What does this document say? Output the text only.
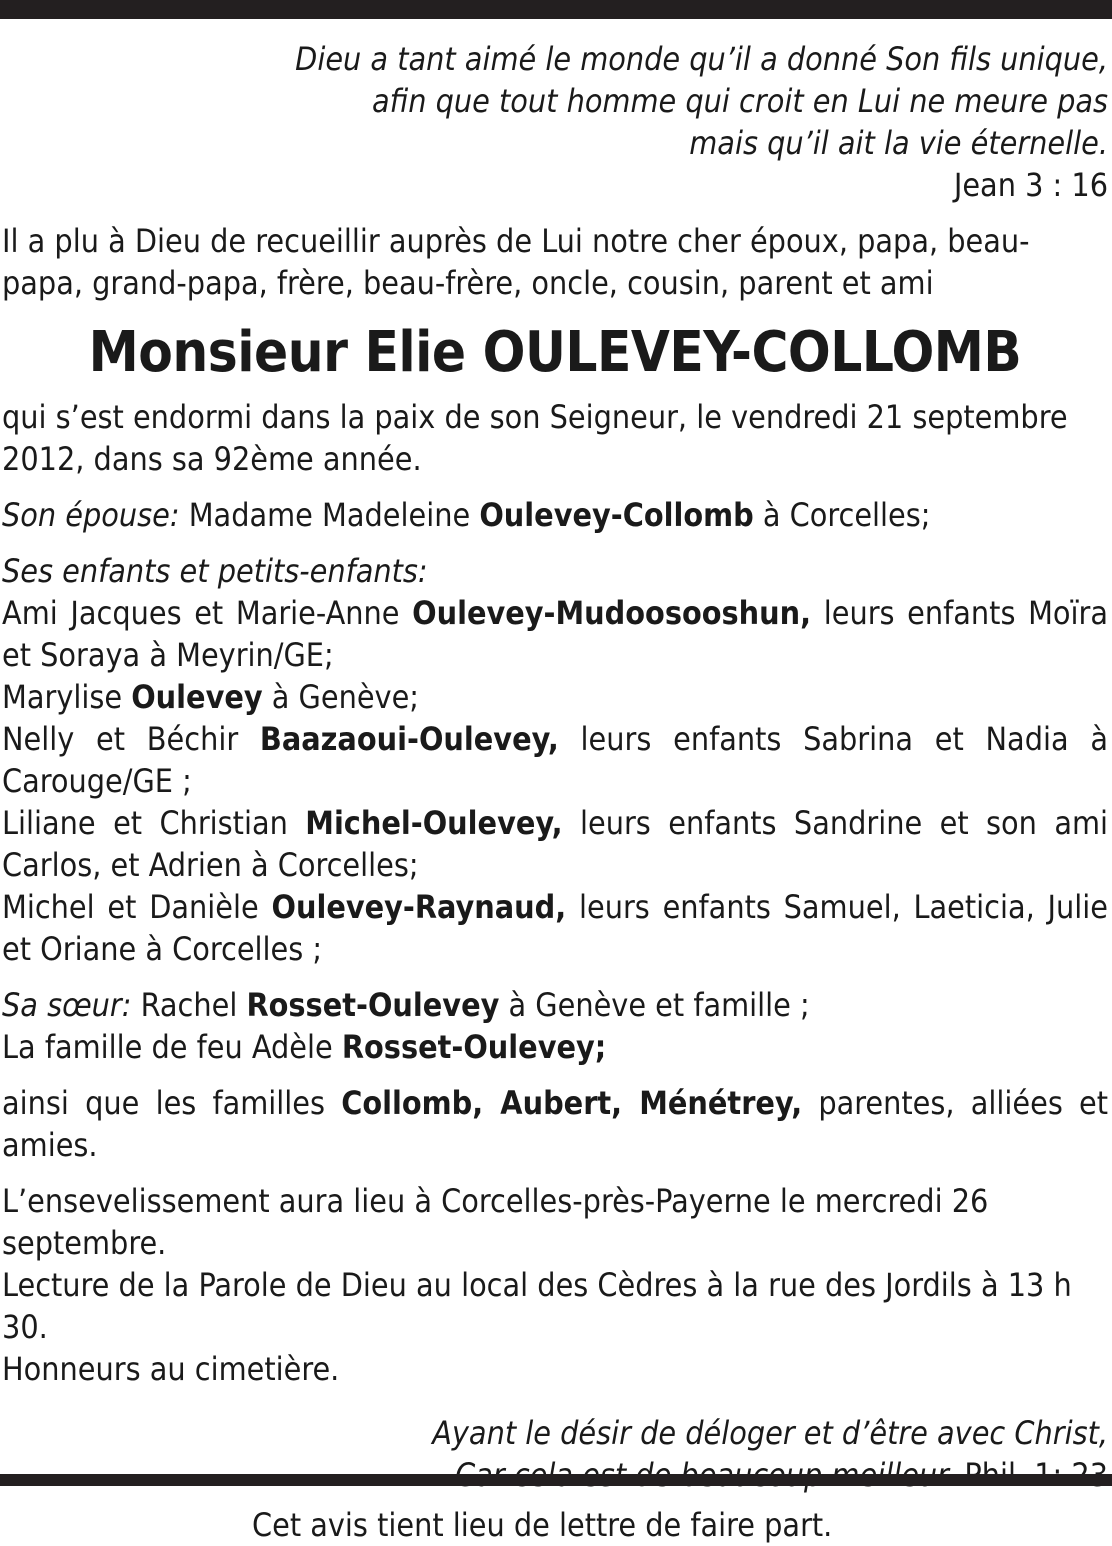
Dieu a tant aimé le monde qu’il a donné Son fils unique,
afin que tout homme qui croit en Lui ne meure pas
mais qu’il ait la vie éternelle.
Jean 3 : 16

Il a plu à Dieu de recueillir auprès de Lui notre cher époux, papa, beau-papa, grand-papa, frère, beau-frère, oncle, cousin, parent et ami

Monsieur Elie OULEVEY-COLLOMB

qui s’est endormi dans la paix de son Seigneur, le vendredi 21 septembre 2012, dans sa 92ème année.

Son épouse: Madame Madeleine Oulevey-Collomb à Corcelles;

Ses enfants et petits-enfants:

Ami Jacques et Marie-Anne Oulevey-Mudoosooshun, leurs enfants Moïra et Soraya à Meyrin/GE;

Marylise Oulevey à Genève;

Nelly et Béchir Baazaoui-Oulevey, leurs enfants Sabrina et Nadia à Carouge/GE ;

Liliane et Christian Michel-Oulevey, leurs enfants Sandrine et son ami Carlos, et Adrien à Corcelles;

Michel et Danièle Oulevey-Raynaud, leurs enfants Samuel, Laeticia, Julie et Oriane à Corcelles ;

Sa sœur: Rachel Rosset-Oulevey à Genève et famille ;

La famille de feu Adèle Rosset-Oulevey;

ainsi que les familles Collomb, Aubert, Ménétrey, parentes, alliées et amies.

L’ensevelissement aura lieu à Corcelles-près-Payerne le mercredi 26 septembre.
Lecture de la Parole de Dieu au local des Cèdres à la rue des Jordils à 13 h 30.
Honneurs au cimetière.
Ayant le désir de déloger et d’être avec Christ,
Cet avis tient lieu de lettre de faire part.
